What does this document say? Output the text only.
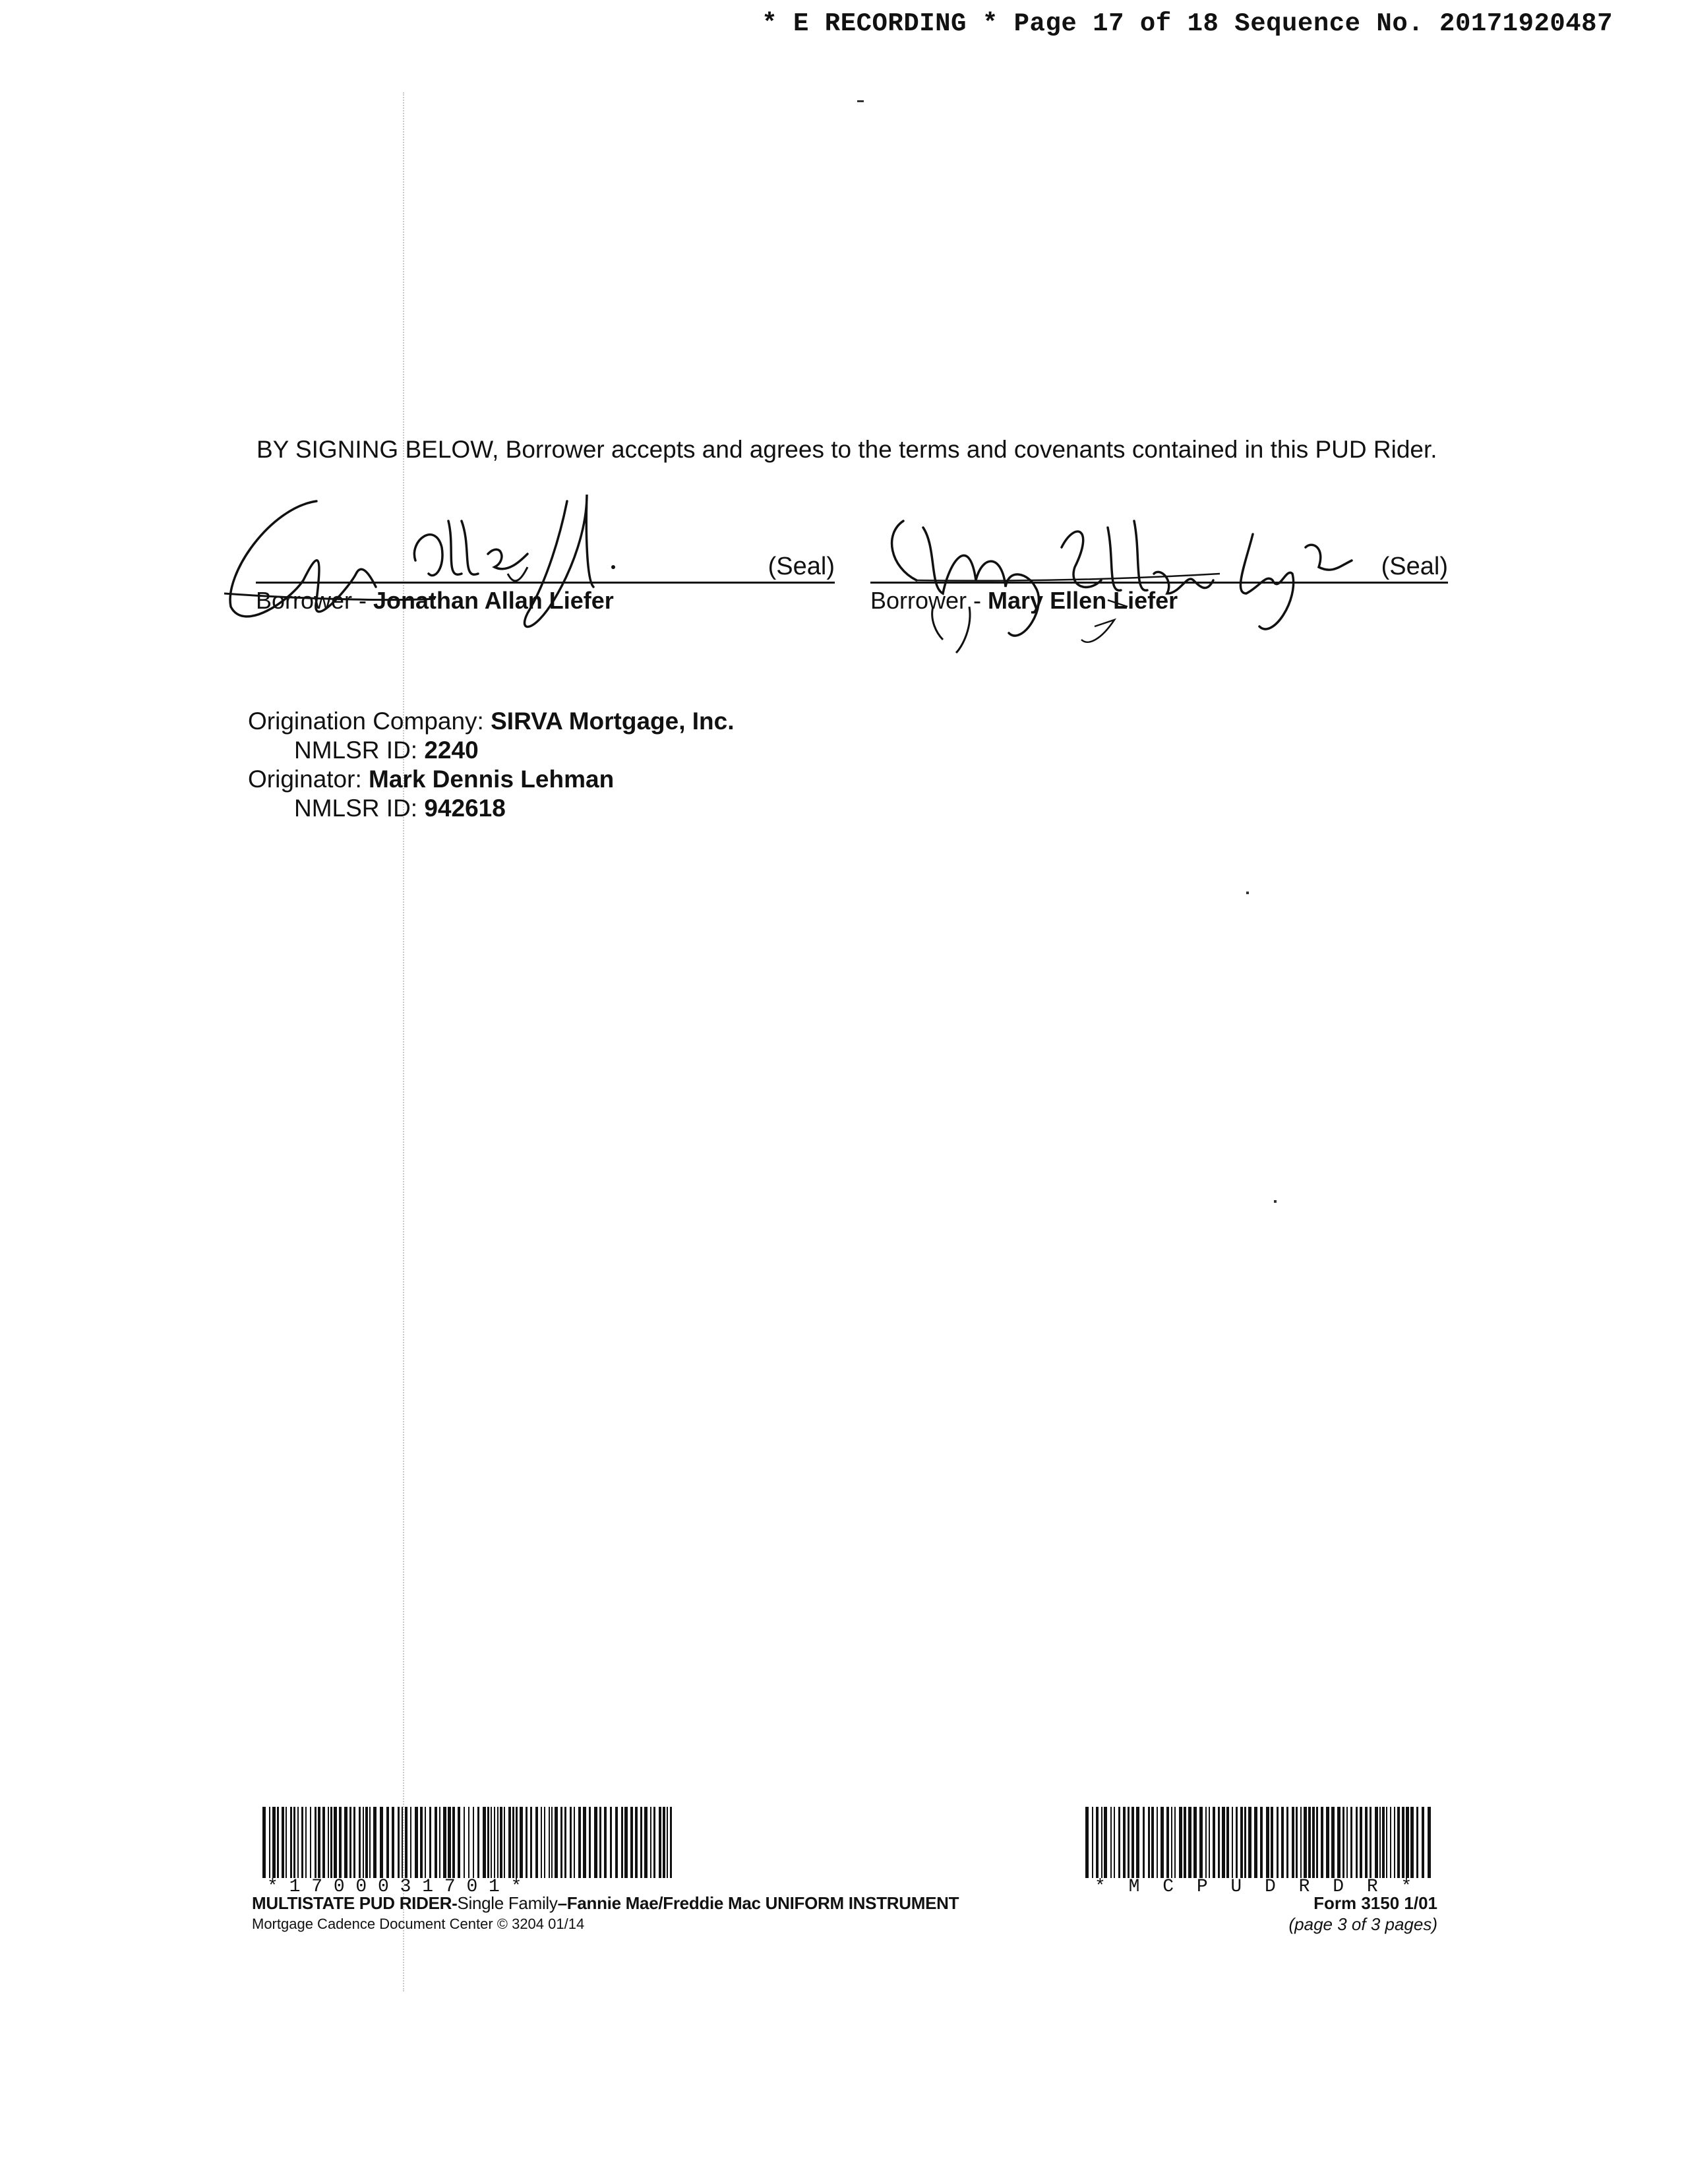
* E RECORDING * Page 17 of 18 Sequence No. 20171920487
BY SIGNING BELOW, Borrower accepts and agrees to the terms and covenants contained in this PUD Rider.
(Seal)
Borrower - Jonathan Allan Liefer
(Seal)
Borrower - Mary Ellen Liefer
Origination Company: SIRVA Mortgage, Inc.
NMLSR ID: 2240
Originator: Mark Dennis Lehman
NMLSR ID: 942618
* 1 7 0 0 0 3 1 7 0 1 *	* M C P U D R D R *
MULTISTATE PUD RIDER-Single Family–Fannie Mae/Freddie Mac UNIFORM INSTRUMENT
Mortgage Cadence Document Center © 3204 01/14
Form 3150 1/01
(page 3 of 3 pages)
